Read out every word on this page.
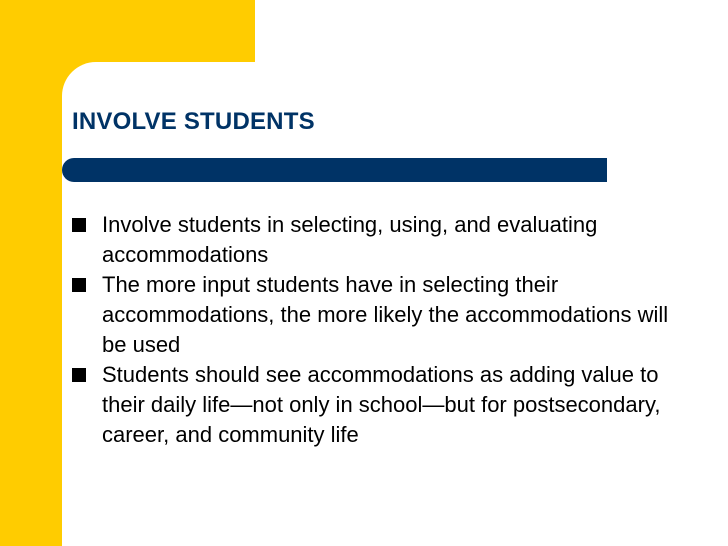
INVOLVE STUDENTS
Involve students in selecting, using, and evaluating accommodations
The more input students have in selecting their accommodations, the more likely the accommodations will be used
Students should see accommodations as adding value to their daily life—not only in school—but for postsecondary, career, and community life
